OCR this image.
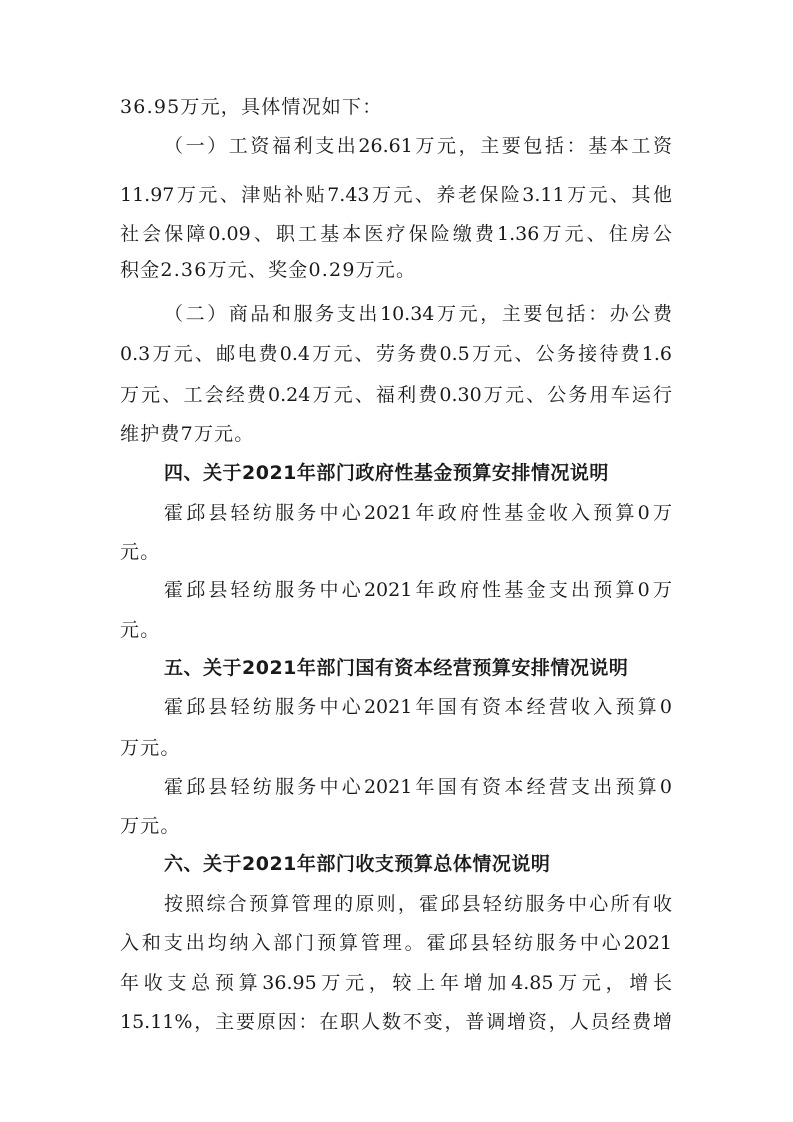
36.95万元，具体情况如下：
（一）工资福利支出26.61万元，主要包括：基本工资
11.97万元、津贴补贴7.43万元、养老保险3.11万元、其他
社会保障0.09、职工基本医疗保险缴费1.36万元、住房公
积金2.36万元、奖金0.29万元。
（二）商品和服务支出10.34万元，主要包括：办公费
0.3万元、邮电费0.4万元、劳务费0.5万元、公务接待费1.6
万元、工会经费0.24万元、福利费0.30万元、公务用车运行
维护费7万元。
四、关于2021年部门政府性基金预算安排情况说明
霍邱县轻纺服务中心2021年政府性基金收入预算0万
元。
霍邱县轻纺服务中心2021年政府性基金支出预算0万
元。
五、关于2021年部门国有资本经营预算安排情况说明
霍邱县轻纺服务中心2021年国有资本经营收入预算0
万元。
霍邱县轻纺服务中心2021年国有资本经营支出预算0
万元。
六、关于2021年部门收支预算总体情况说明
按照综合预算管理的原则，霍邱县轻纺服务中心所有收
入和支出均纳入部门预算管理。霍邱县轻纺服务中心2021
年收支总预算36.95万元，较上年增加4.85万元，增长
15.11%，主要原因：在职人数不变，普调增资，人员经费增
